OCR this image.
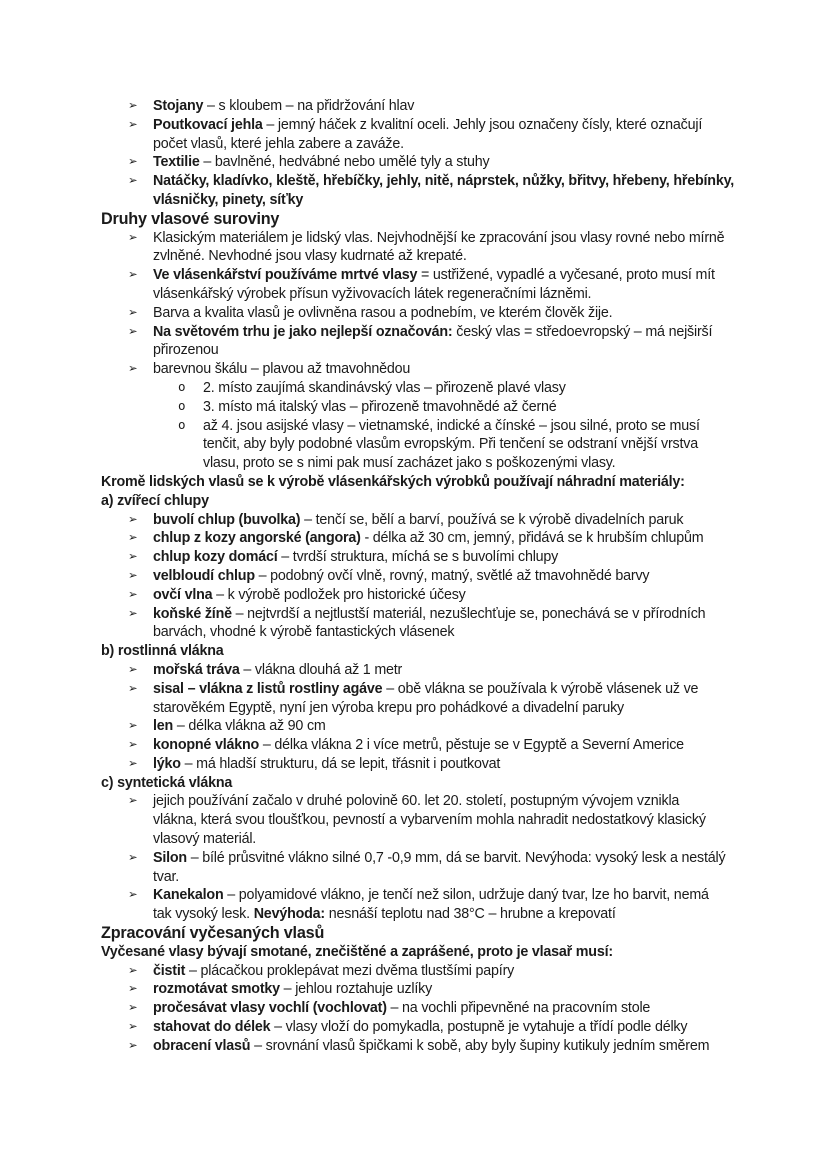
➢ Stojany – s kloubem – na přidržování hlav
➢ Poutkovací jehla – jemný háček z kvalitní oceli. Jehly jsou označeny čísly, které označují
počet vlasů, které jehla zabere a zaváže.
➢ Textilie – bavlněné, hedvábné nebo umělé tyly a stuhy
➢ Natáčky, kladívko, kleště, hřebíčky, jehly, nitě, náprstek, nůžky, břitvy, hřebeny, hřebínky,
vlásničky, pinety, síťky
Druhy vlasové suroviny
➢ Klasickým materiálem je lidský vlas. Nejvhodnější ke zpracování jsou vlasy rovné nebo mírně
zvlněné. Nevhodné jsou vlasy kudrnaté až krepaté.
➢ Ve vlásenkářství používáme mrtvé vlasy = ustřižené, vypadlé a vyčesané, proto musí mít
vlásenkářský výrobek přísun vyživovacích látek regeneračními lázněmi.
➢ Barva a kvalita vlasů je ovlivněna rasou a podnebím, ve kterém člověk žije.
➢ Na světovém trhu je jako nejlepší označován: český vlas = středoevropský – má nejširší
přirozenou
➢ barevnou škálu – plavou až tmavohnědou
o 2. místo zaujímá skandinávský vlas – přirozeně plavé vlasy
o 3. místo má italský vlas – přirozeně tmavohnědé až černé
o až 4. jsou asijské vlasy – vietnamské, indické a čínské – jsou silné, proto se musí
tenčit, aby byly podobné vlasům evropským. Při tenčení se odstraní vnější vrstva
vlasu, proto se s nimi pak musí zacházet jako s poškozenými vlasy.
Kromě lidských vlasů se k výrobě vlásenkářských výrobků používají náhradní materiály:
a) zvířecí chlupy
➢ buvolí chlup (buvolka) – tenčí se, bělí a barví, používá se k výrobě divadelních paruk
➢ chlup z kozy angorské (angora) - délka až 30 cm, jemný, přidává se k hrubším chlupům
➢ chlup kozy domácí – tvrdší struktura, míchá se s buvolími chlupy
➢ velbloudí chlup – podobný ovčí vlně, rovný, matný, světlé až tmavohnědé barvy
➢ ovčí vlna – k výrobě podložek pro historické účesy
➢ koňské žíně – nejtvrdší a nejtlustší materiál, nezušlechťuje se, ponechává se v přírodních
barvách, vhodné k výrobě fantastických vlásenek
b) rostlinná vlákna
➢ mořská tráva – vlákna dlouhá až 1 metr
➢ sisal – vlákna z listů rostliny agáve – obě vlákna se používala k výrobě vlásenek už ve
starověkém Egyptě, nyní jen výroba krepu pro pohádkové a divadelní paruky
➢ len – délka vlákna až 90 cm
➢ konopné vlákno – délka vlákna 2 i více metrů, pěstuje se v Egyptě a Severní Americe
➢ lýko – má hladší strukturu, dá se lepit, třásnit i poutkovat
c) syntetická vlákna
➢ jejich používání začalo v druhé polovině 60. let 20. století, postupným vývojem vznikla
vlákna, která svou tloušťkou, pevností a vybarvením mohla nahradit nedostatkový klasický
vlasový materiál.
➢ Silon – bílé průsvitné vlákno silné 0,7 -0,9 mm, dá se barvit. Nevýhoda: vysoký lesk a nestálý
tvar.
➢ Kanekalon – polyamidové vlákno, je tenčí než silon, udržuje daný tvar, lze ho barvit, nemá
tak vysoký lesk. Nevýhoda: nesnáší teplotu nad 38°C – hrubne a krepovatí
Zpracování vyčesaných vlasů
Vyčesané vlasy bývají smotané, znečištěné a zaprášené, proto je vlasař musí:
➢ čistit – plácačkou proklepávat mezi dvěma tlustšími papíry
➢ rozmotávat smotky – jehlou roztahuje uzlíky
➢ pročesávat vlasy vochlí (vochlovat) – na vochli připevněné na pracovním stole
➢ stahovat do délek – vlasy vloží do pomykadla, postupně je vytahuje a třídí podle délky
➢ obracení vlasů – srovnání vlasů špičkami k sobě, aby byly šupiny kutikuly jedním směrem
